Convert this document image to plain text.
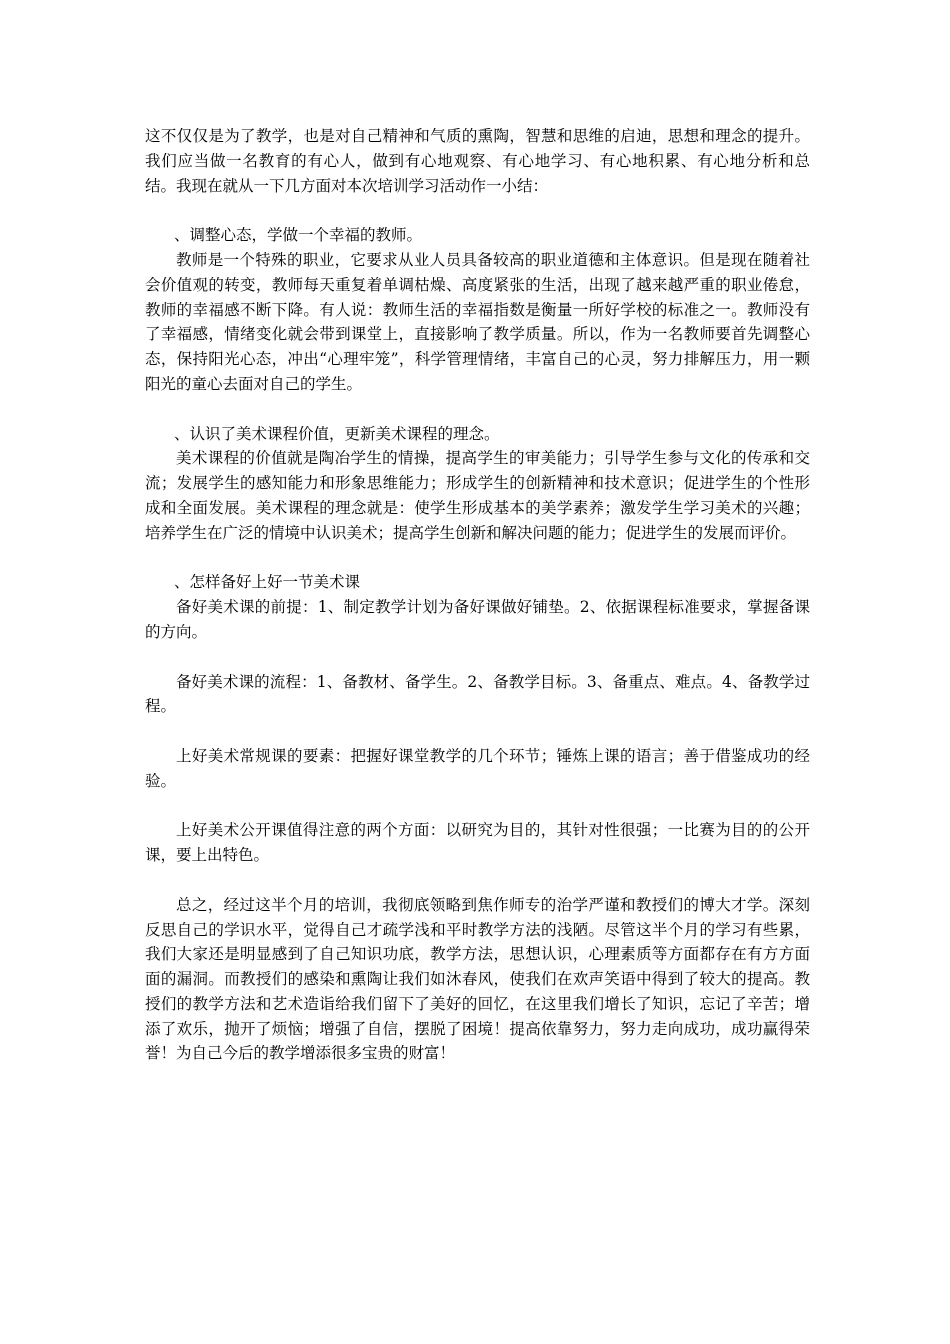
这不仅仅是为了教学，也是对自己精神和气质的熏陶，智慧和思维的启迪，思想和理念的提升。我们应当做一名教育的有心人，做到有心地观察、有心地学习、有心地积累、有心地分析和总结。我现在就从一下几方面对本次培训学习活动作一小结：

、调整心态，学做一个幸福的教师。

教师是一个特殊的职业，它要求从业人员具备较高的职业道德和主体意识。但是现在随着社会价值观的转变，教师每天重复着单调枯燥、高度紧张的生活，出现了越来越严重的职业倦怠，教师的幸福感不断下降。有人说：教师生活的幸福指数是衡量一所好学校的标准之一。教师没有了幸福感，情绪变化就会带到课堂上，直接影响了教学质量。所以，作为一名教师要首先调整心态，保持阳光心态，冲出“心理牢笼”，科学管理情绪，丰富自己的心灵，努力排解压力，用一颗阳光的童心去面对自己的学生。

、认识了美术课程价值，更新美术课程的理念。

美术课程的价值就是陶冶学生的情操，提高学生的审美能力；引导学生参与文化的传承和交流；发展学生的感知能力和形象思维能力；形成学生的创新精神和技术意识；促进学生的个性形成和全面发展。美术课程的理念就是：使学生形成基本的美学素养；激发学生学习美术的兴趣；培养学生在广泛的情境中认识美术；提高学生创新和解决问题的能力；促进学生的发展而评价。

、怎样备好上好一节美术课

备好美术课的前提：1、制定教学计划为备好课做好铺垫。2、依据课程标准要求，掌握备课的方向。

备好美术课的流程：1、备教材、备学生。2、备教学目标。3、备重点、难点。4、备教学过程。

上好美术常规课的要素：把握好课堂教学的几个环节；锤炼上课的语言；善于借鉴成功的经验。

上好美术公开课值得注意的两个方面：以研究为目的，其针对性很强；一比赛为目的的公开课，要上出特色。

总之，经过这半个月的培训，我彻底领略到焦作师专的治学严谨和教授们的博大才学。深刻反思自己的学识水平，觉得自己才疏学浅和平时教学方法的浅陋。尽管这半个月的学习有些累，我们大家还是明显感到了自己知识功底，教学方法，思想认识，心理素质等方面都存在有方方面面的漏洞。而教授们的感染和熏陶让我们如沐春风，使我们在欢声笑语中得到了较大的提高。教授们的教学方法和艺术造诣给我们留下了美好的回忆，在这里我们增长了知识，忘记了辛苦；增添了欢乐，抛开了烦恼；增强了自信，摆脱了困境！提高依靠努力，努力走向成功，成功赢得荣誉！为自己今后的教学增添很多宝贵的财富！
